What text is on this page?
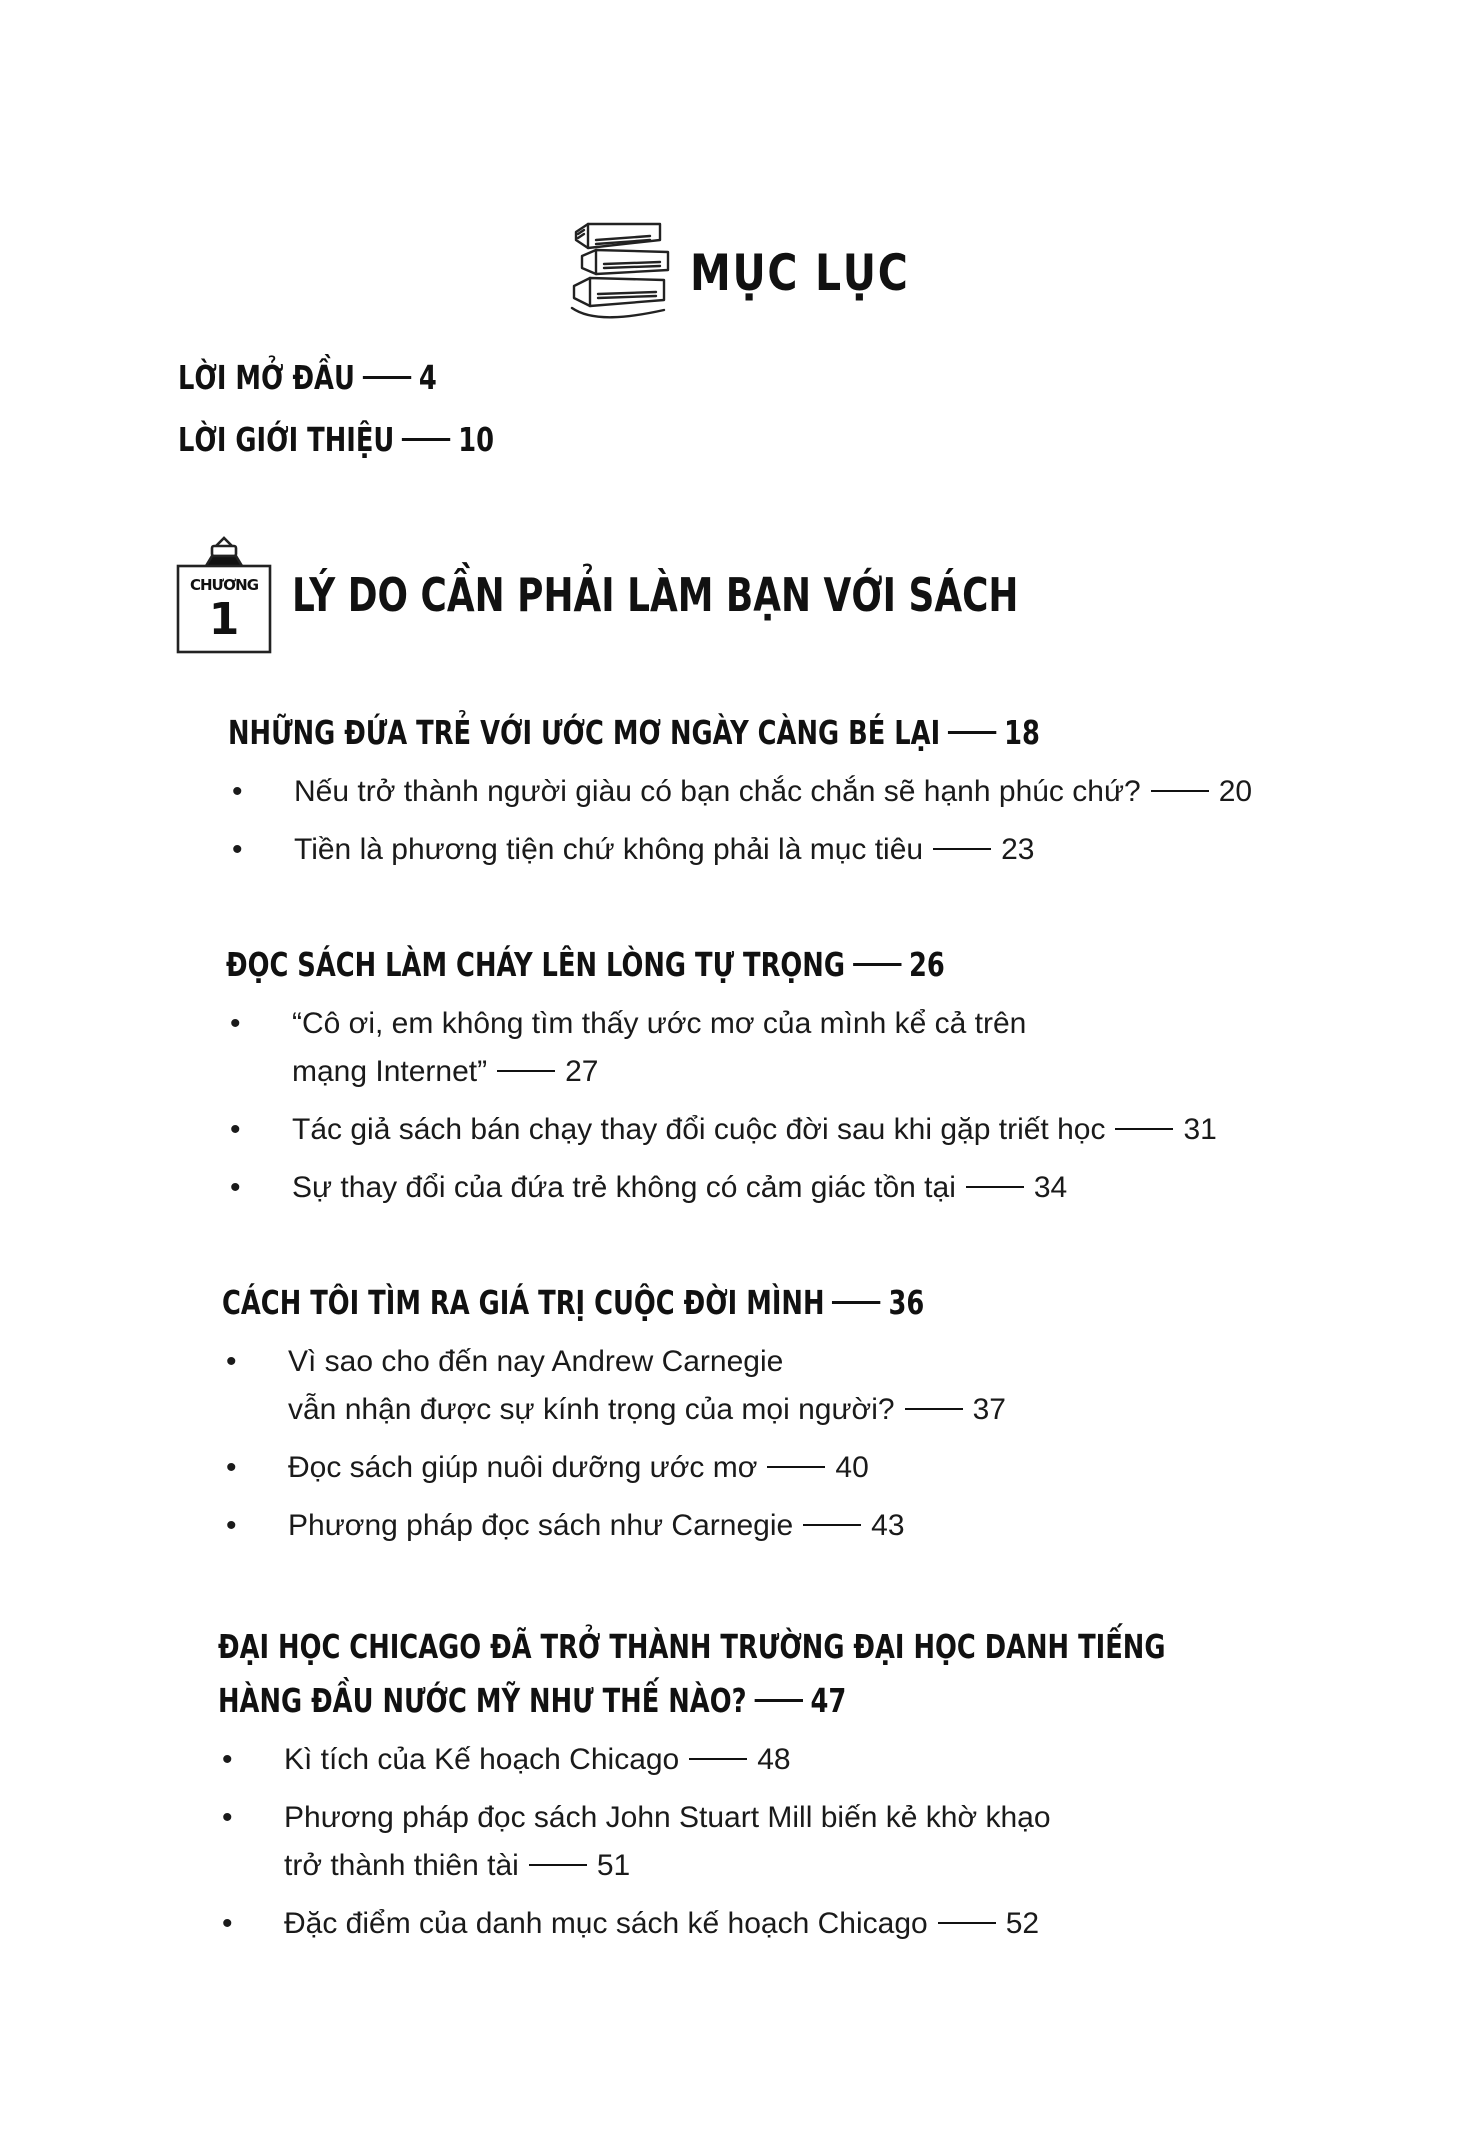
MỤC LỤC
LỜI MỞ ĐẦU 4
LỜI GIỚI THIỆU 10
CHƯƠNG
1	LÝ DO CẦN PHẢI LÀM BẠN VỚI SÁCH
NHỮNG ĐỨA TRẺ VỚI ƯỚC MƠ NGÀY CÀNG BÉ LẠI 18
• Nếu trở thành người giàu có bạn chắc chắn sẽ hạnh phúc chứ?	20
• Tiền là phương tiện chứ không phải là mục tiêu	23
ĐỌC SÁCH LÀM CHÁY LÊN LÒNG TỰ TRỌNG 26
• “Cô ơi, em không tìm thấy ước mơ của mình kể cả trên
mạng Internet”	27
• Tác giả sách bán chạy thay đổi cuộc đời sau khi gặp triết học	31
• Sự thay đổi của đứa trẻ không có cảm giác tồn tại	34
CÁCH TÔI TÌM RA GIÁ TRỊ CUỘC ĐỜI MÌNH 36
• Vì sao cho đến nay Andrew Carnegie
vẫn nhận được sự kính trọng của mọi người?	37
• Đọc sách giúp nuôi dưỡng ước mơ	40
• Phương pháp đọc sách như Carnegie	43
ĐẠI HỌC CHICAGO ĐÃ TRỞ THÀNH TRƯỜNG ĐẠI HỌC DANH TIẾNG
HÀNG ĐẦU NƯỚC MỸ NHƯ THẾ NÀO? 47
• Kì tích của Kế hoạch Chicago	48
• Phương pháp đọc sách John Stuart Mill biến kẻ khờ khạo
trở thành thiên tài	51
• Đặc điểm của danh mục sách kế hoạch Chicago	52
